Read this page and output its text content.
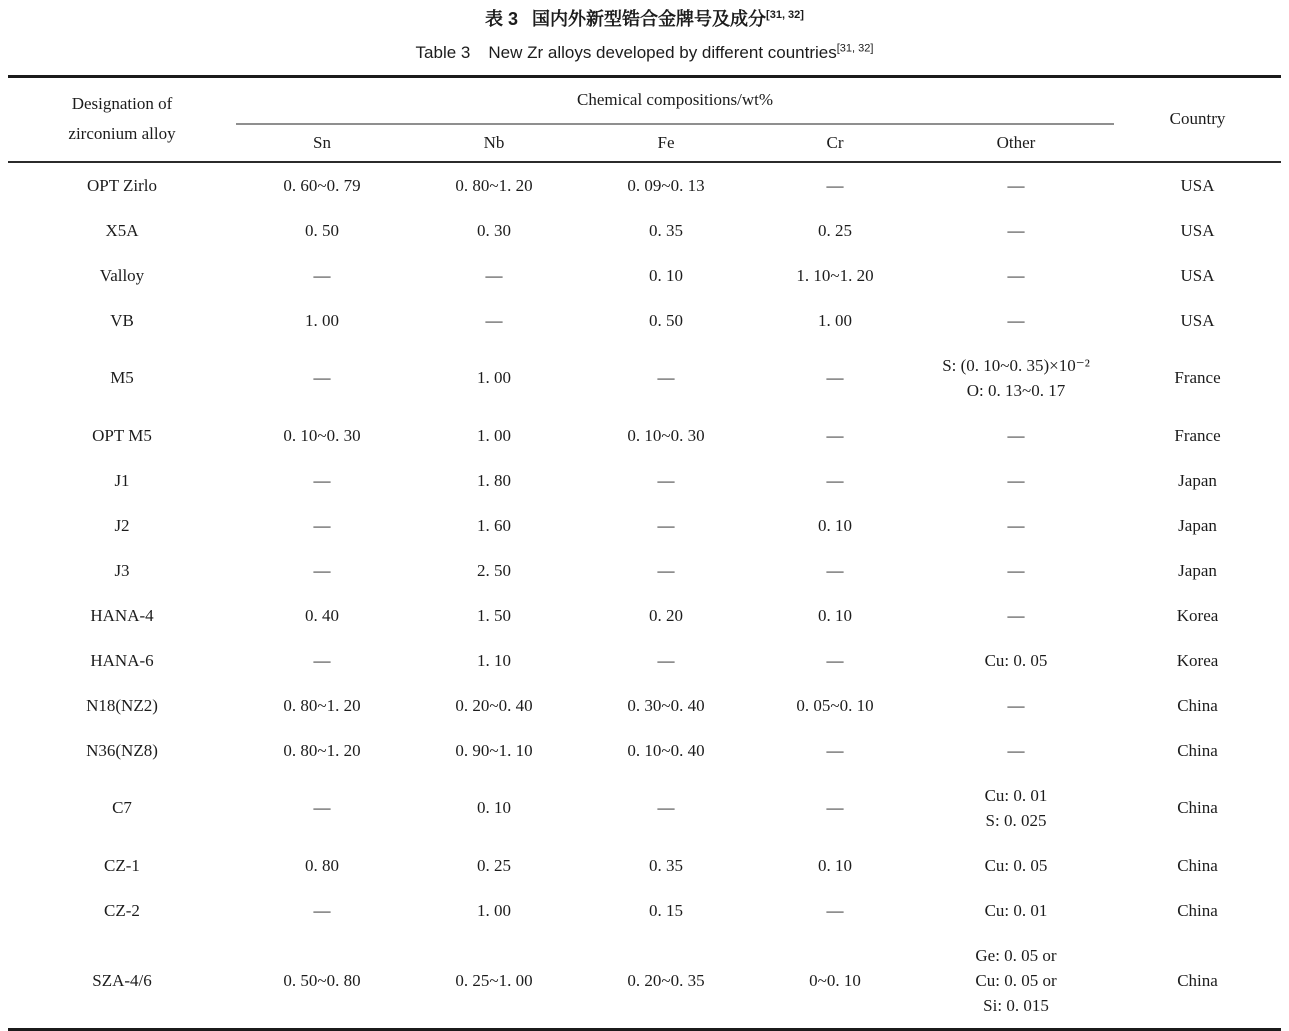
表 3 国内外新型锆合金牌号及成分[31, 32]
Table 3 New Zr alloys developed by different countries[31, 32]
Designation of
zirconium alloy	Chemical compositions/wt%					Country
	Sn	Nb	Fe	Cr	Other	
OPT Zirlo	0. 60~0. 79	0. 80~1. 20	0. 09~0. 13	—	—	USA
X5A	0. 50	0. 30	0. 35	0. 25	—	USA
Valloy	—	—	0. 10	1. 10~1. 20	—	USA
VB	1. 00	—	0. 50	1. 00	—	USA
M5	—	1. 00	—	—	S: (0. 10~0. 35)×10⁻²
O: 0. 13~0. 17	France
OPT M5	0. 10~0. 30	1. 00	0. 10~0. 30	—	—	France
J1	—	1. 80	—	—	—	Japan
J2	—	1. 60	—	0. 10	—	Japan
J3	—	2. 50	—	—	—	Japan
HANA-4	0. 40	1. 50	0. 20	0. 10	—	Korea
HANA-6	—	1. 10	—	—	Cu: 0. 05	Korea
N18(NZ2)	0. 80~1. 20	0. 20~0. 40	0. 30~0. 40	0. 05~0. 10	—	China
N36(NZ8)	0. 80~1. 20	0. 90~1. 10	0. 10~0. 40	—	—	China
C7	—	0. 10	—	—	Cu: 0. 01
S: 0. 025	China
CZ-1	0. 80	0. 25	0. 35	0. 10	Cu: 0. 05	China
CZ-2	—	1. 00	0. 15	—	Cu: 0. 01	China
SZA-4/6	0. 50~0. 80	0. 25~1. 00	0. 20~0. 35	0~0. 10	Ge: 0. 05 or
Cu: 0. 05 or
Si: 0. 015	China
